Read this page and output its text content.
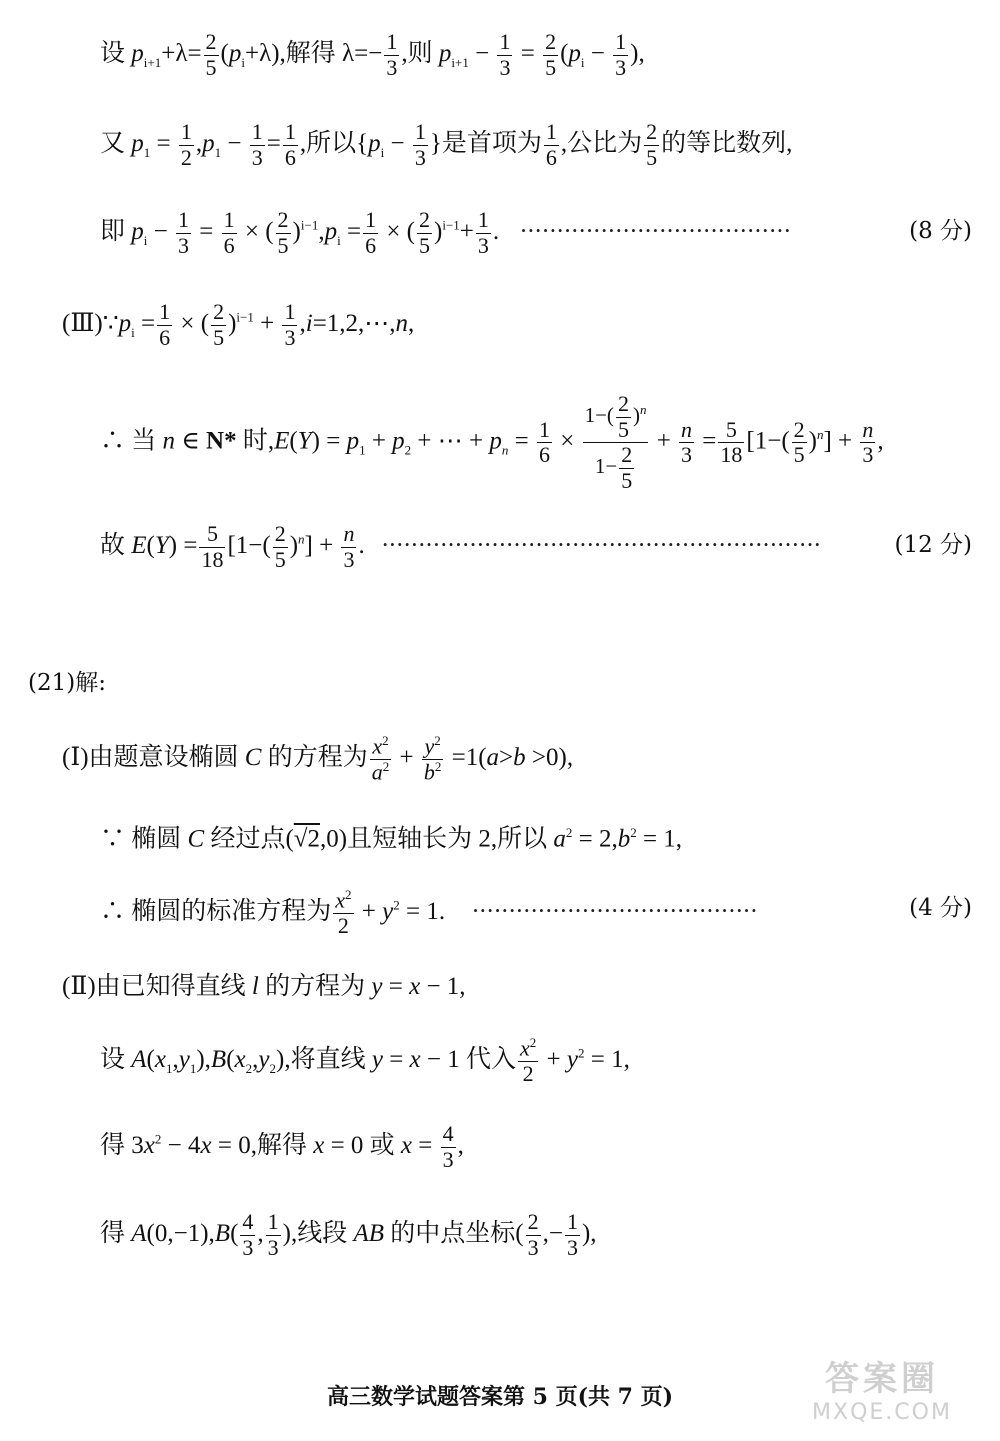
设 $p_{i+1}+\lambda= \frac{2}{5} (p_i+\lambda)$,解得 $\lambda=- \frac{1}{3}$ ,则 $p_{i+1} - \frac{1}{3} = \frac{2}{5} (p_i - \frac{1}{3}$ ),
又 $p_1 = \frac{1}{2} ,p_1 - \frac{1}{3} = \frac{1}{6}$ ,所以{$p_i - \frac{1}{3}$ }是首项为 $\frac{1}{6}$ ,公比为 $\frac{2}{5}$ 的等比数列,
即 $p_i - \frac{1}{3} = \frac{1}{6}$ × ( $\frac{2}{5} )^{i-1},p_i = \frac{1}{6}$ × ( $\frac{2}{5} )^{i-1}+ \frac{1}{3}$ . ·····································	(8 分)
$(Ⅲ)\because p_i = \frac{1}{6}$ × ( $\frac{2}{5} )^{i-1} + \frac{1}{3}$ ,i=1,2,⋯,n,
∴ 当 n ∈ N* 时$,E(Y) = p_1 + p_2$ + ⋯ + $p_n = \frac{1}{6} \times \frac{1-( \frac{2}{5} )^n}{1- \frac{2}{5}} + \frac{n}{3} = \frac{5}{18} [1-( \frac{2}{5} )^n] + \frac{n}{3}$ ,
故 $E(Y) = \frac{5}{18} [1-( \frac{2}{5} )^n] + \frac{n}{3}$ . ····························································	(12 分)
(21)解:
(Ⅰ)由题意设椭圆 C 的方程为 $\frac{x^2}{a^2} + \frac{y^2}{b^2} =1(a>b >0)$,
∵ 椭圆 C 经过点(√2,0)且短轴长为 2,所以 $a^2 = 2,b^2 = 1$,
∴ 椭圆的标准方程为 $\frac{x^2}{2} + y^2 = 1$. ·······································	(4 分)
(Ⅱ)由已知得直线 l 的方程为 y = x − 1,
设 $A(x_1,y_1),B(x_2,y_2)$,将直线 y = x − 1 代入 $\frac{x^2}{2} + y^2 = 1$,
得 $3x^2 - 4x = 0$,解得 x = 0 或 $x = \frac{4}{3}$ ,
得 $A(0,-1),B( \frac{4}{3}$ , $\frac{1}{3}$ ),线段 AB 的中点坐标( $\frac{2}{3}$ ,− $\frac{1}{3}$ ),
高三数学试题答案第 5 页(共 7 页)	答案圈
MXQE.COM
